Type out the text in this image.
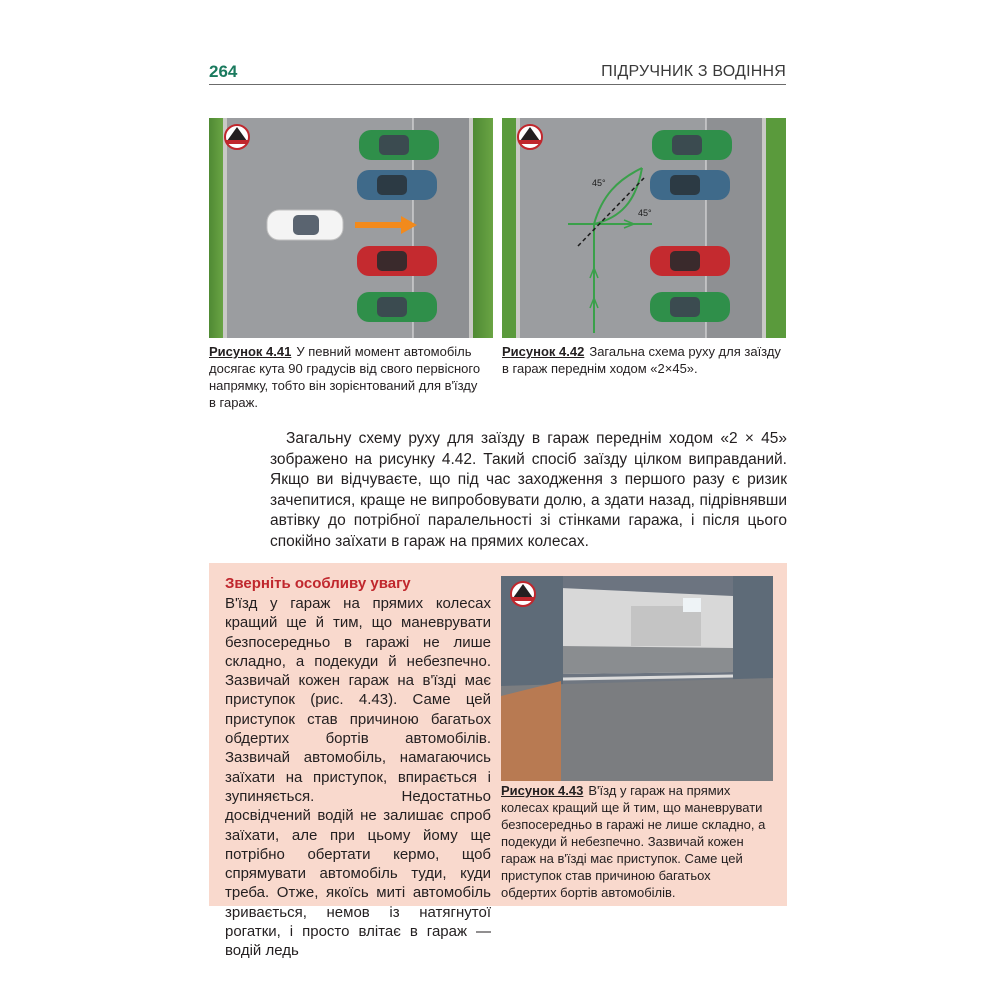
264	ПІДРУЧНИК З ВОДІННЯ
45°
45°
Рисунок 4.41 У певний момент автомобіль досягає кута 90 градусів від свого первісного напрямку, тобто він зорієнтований для в'їзду в гараж.
Рисунок 4.42 Загальна схема руху для заїзду в гараж переднім ходом «2×45».

Загальну схему руху для заїзду в гараж переднім ходом «2 × 45» зображено на рисунку 4.42. Такий спосіб заїзду цілком виправданий. Якщо ви відчуваєте, що під час заходження з першого разу є ризик зачепитися, краще не випробовувати долю, а здати назад, підрівнявши автівку до потрібної паралельності зі стінками гаража, і після цього спокійно заїхати в гараж на прямих колесах.

Зверніть особливу увагу

В'їзд у гараж на прямих колесах кращий ще й тим, що маневрувати безпосередньо в гаражі не лише складно, а подекуди й небезпечно. Зазвичай кожен гараж на в'їзді має приступок (рис. 4.43). Саме цей приступок став причиною багатьох обдертих бортів автомобілів. Зазвичай автомобіль, намагаючись заїхати на приступок, впирається і зупиняється. Недостатньо досвідчений водій не залишає спроб заїхати, але при цьому йому ще потрібно обертати кермо, щоб спрямувати автомобіль туди, куди треба. Отже, якоїсь миті автомобіль зривається, немов із натягнутої рогатки, і просто влітає в гараж — водій ледь

Рисунок 4.43 В'їзд у гараж на прямих колесах кращий ще й тим, що маневрувати безпосередньо в гаражі не лише складно, а подекуди й небезпечно. Зазвичай кожен гараж на в'їзді має приступок. Саме цей приступок став причиною багатьох обдертих бортів автомобілів.
